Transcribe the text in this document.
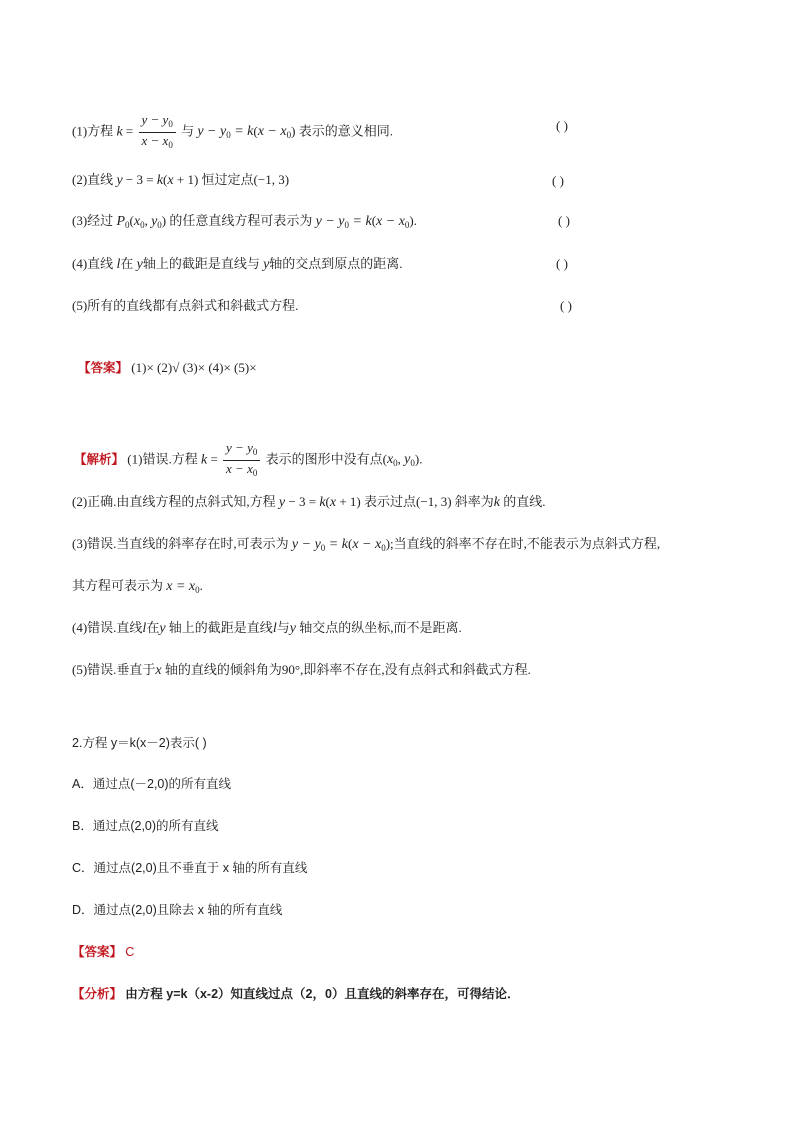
(1)方程 $k = \frac{y - y_0}{x - x_0}$ 与 $y - y_0 = k(x - x_0)$ 表示的意义相同.	( )
(2)直线 y − 3 = k(x + 1) 恒过定点(−1, 3)	( )
(3)经过 $P_0(x_0$, $y_0$) 的任意直线方程可表示为 $y - y_0 = k(x - x_0)$.	( )
(4)直线 l在 y轴上的截距是直线与 y轴的交点到原点的距离.	( )
(5)所有的直线都有点斜式和斜截式方程.	( )
【答案】 (1)× (2)√ (3)× (4)× (5)×
【解析】 (1)错误.方程 $k = \frac{y - y_0}{x - x_0}$ 表示的图形中没有点($x_0$, $y_0$).
(2)正确.由直线方程的点斜式知,方程 y − 3 = k(x + 1) 表示过点(−1, 3) 斜率为k 的直线.
(3)错误.当直线的斜率存在时,可表示为 $y - y_0 = k(x - x_0)$;当直线的斜率不存在时,不能表示为点斜式方程,
其方程可表示为 $x = x_0$.
(4)错误.直线l在y 轴上的截距是直线l与y 轴交点的纵坐标,而不是距离.
(5)错误.垂直于x 轴的直线的倾斜角为90°,即斜率不存在,没有点斜式和斜截式方程.
2.方程 y＝k(x－2)表示( )
A．通过点(－2,0)的所有直线
B．通过点(2,0)的所有直线
C．通过点(2,0)且不垂直于 x 轴的所有直线
D．通过点(2,0)且除去 x 轴的所有直线
【答案】 C
【分析】 由方程 y=k（x-2）知直线过点（2，0）且直线的斜率存在，可得结论．
